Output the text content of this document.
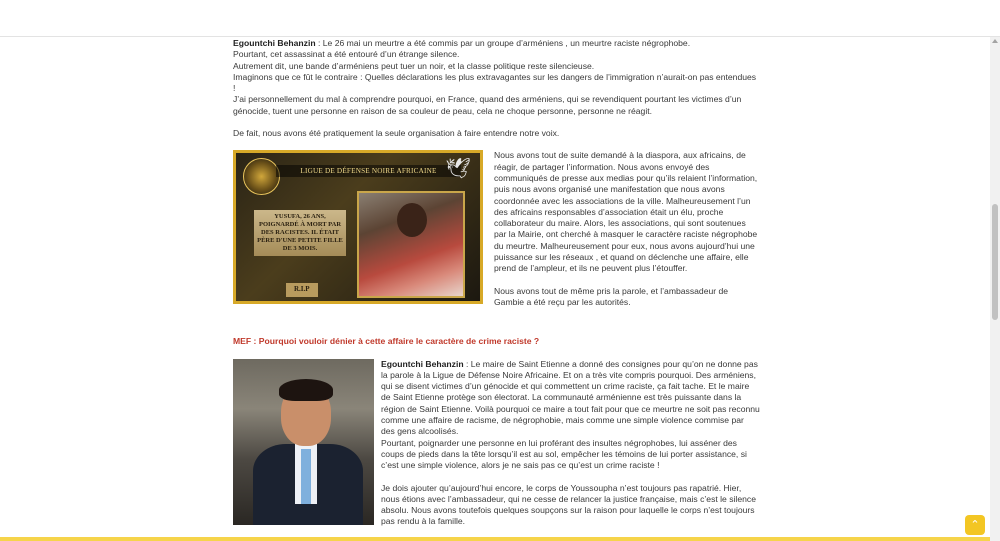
Egountchi Behanzin : Le 26 mai un meurtre a été commis par un groupe d’arméniens , un meurtre raciste négrophobe.
Pourtant, cet assassinat a été entouré d’un étrange silence.
Autrement dit, une bande d’arméniens peut tuer un noir, et la classe politique reste silencieuse.
Imaginons que ce fût le contraire : Quelles déclarations les plus extravagantes sur les dangers de l’immigration n’aurait-on pas entendues !
J’ai personnellement du mal à comprendre pourquoi, en France, quand des arméniens, qui se revendiquent pourtant les victimes d’un génocide, tuent une personne en raison de sa couleur de peau, cela ne choque personne, personne ne réagit.

De fait, nous avons été pratiquement la seule organisation à faire entendre notre voix.

LIGUE DE DÉFENSE NOIRE AFRICAINE 🕊
YUSUFA, 26 ANS, POIGNARDÉ À MORT PAR DES RACISTES. IL ÉTAIT PÈRE D'UNE PETITE FILLE DE 3 MOIS.
R.I.P

Nous avons tout de suite demandé à la diaspora, aux africains, de réagir, de partager l’information. Nous avons envoyé des communiqués de presse aux medias pour qu’ils relaient l’information, puis nous avons organisé une manifestation que nous avons coordonnée avec les associations de la ville. Malheureusement l’un des africains responsables d’association était un élu, proche collaborateur du maire. Alors, les associations, qui sont soutenues par la Mairie, ont cherché à masquer le caractère raciste négrophobe du meurtre. Malheureusement pour eux, nous avons aujourd’hui une puissance sur les réseaux , et quand on déclenche une affaire, elle prend de l’ampleur, et ils ne peuvent plus l’étouffer.

Nous avons tout de même pris la parole, et l’ambassadeur de Gambie a été reçu par les autorités.

MEF : Pourquoi vouloir dénier à cette affaire le caractère de crime raciste ?

Egountchi Behanzin : Le maire de Saint Etienne a donné des consignes pour qu’on ne donne pas la parole à la Ligue de Défense Noire Africaine. Et on a très vite compris pourquoi. Des arméniens, qui se disent victimes d’un génocide et qui commettent un crime raciste, ça fait tache. Et le maire de Saint Etienne protège son électorat. La communauté arménienne est très puissante dans la région de Saint Etienne. Voilà pourquoi ce maire a tout fait pour que ce meurtre ne soit pas reconnu comme une affaire de racisme, de négrophobie, mais comme une simple violence commise par des gens alcoolisés.
Pourtant, poignarder une personne en lui proférant des insultes négrophobes, lui asséner des coups de pieds dans la tête lorsqu’il est au sol, empêcher les témoins de lui porter assistance, si c’est une simple violence, alors je ne sais pas ce qu’est un crime raciste !

Je dois ajouter qu’aujourd’hui encore, le corps de Youssoupha n’est toujours pas rapatrié. Hier, nous étions avec l’ambassadeur, qui ne cesse de relancer la justice française, mais c’est le silence absolu. Nous avons toutefois quelques soupçons sur la raison pour laquelle le corps n’est toujours pas rendu à la famille.	⌃
